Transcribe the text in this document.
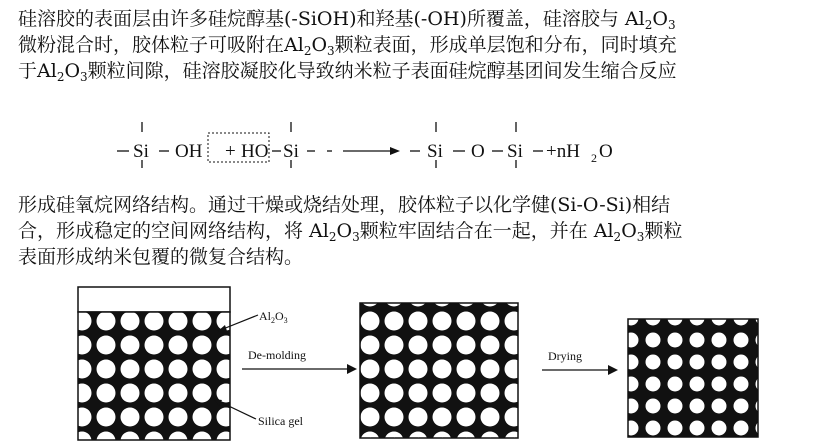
硅溶胶的表面层由许多硅烷醇基(-SiOH)和羟基(-OH)所覆盖，硅溶胶与 $Al_2O_3$
微粉混合时，胶体粒子可吸附在$Al_2O_3$颗粒表面，形成单层饱和分布，同时填充
于$Al_2O_3$颗粒间隙，硅溶胶凝胶化导致纳米粒子表面硅烷醇基团间发生缩合反应
Si OH + HO Si	Si O Si +nH 2 O
形成硅氧烷网络结构。通过干燥或烧结处理，胶体粒子以化学健(Si-O-Si)相结
合，形成稳定的空间网络结构，将 $Al_2O_3$颗粒牢固结合在一起，并在 $Al_2O_3$颗粒
表面形成纳米包覆的微复合结构。
$Al_2O_3$
Silica gel
De-molding	Drying
